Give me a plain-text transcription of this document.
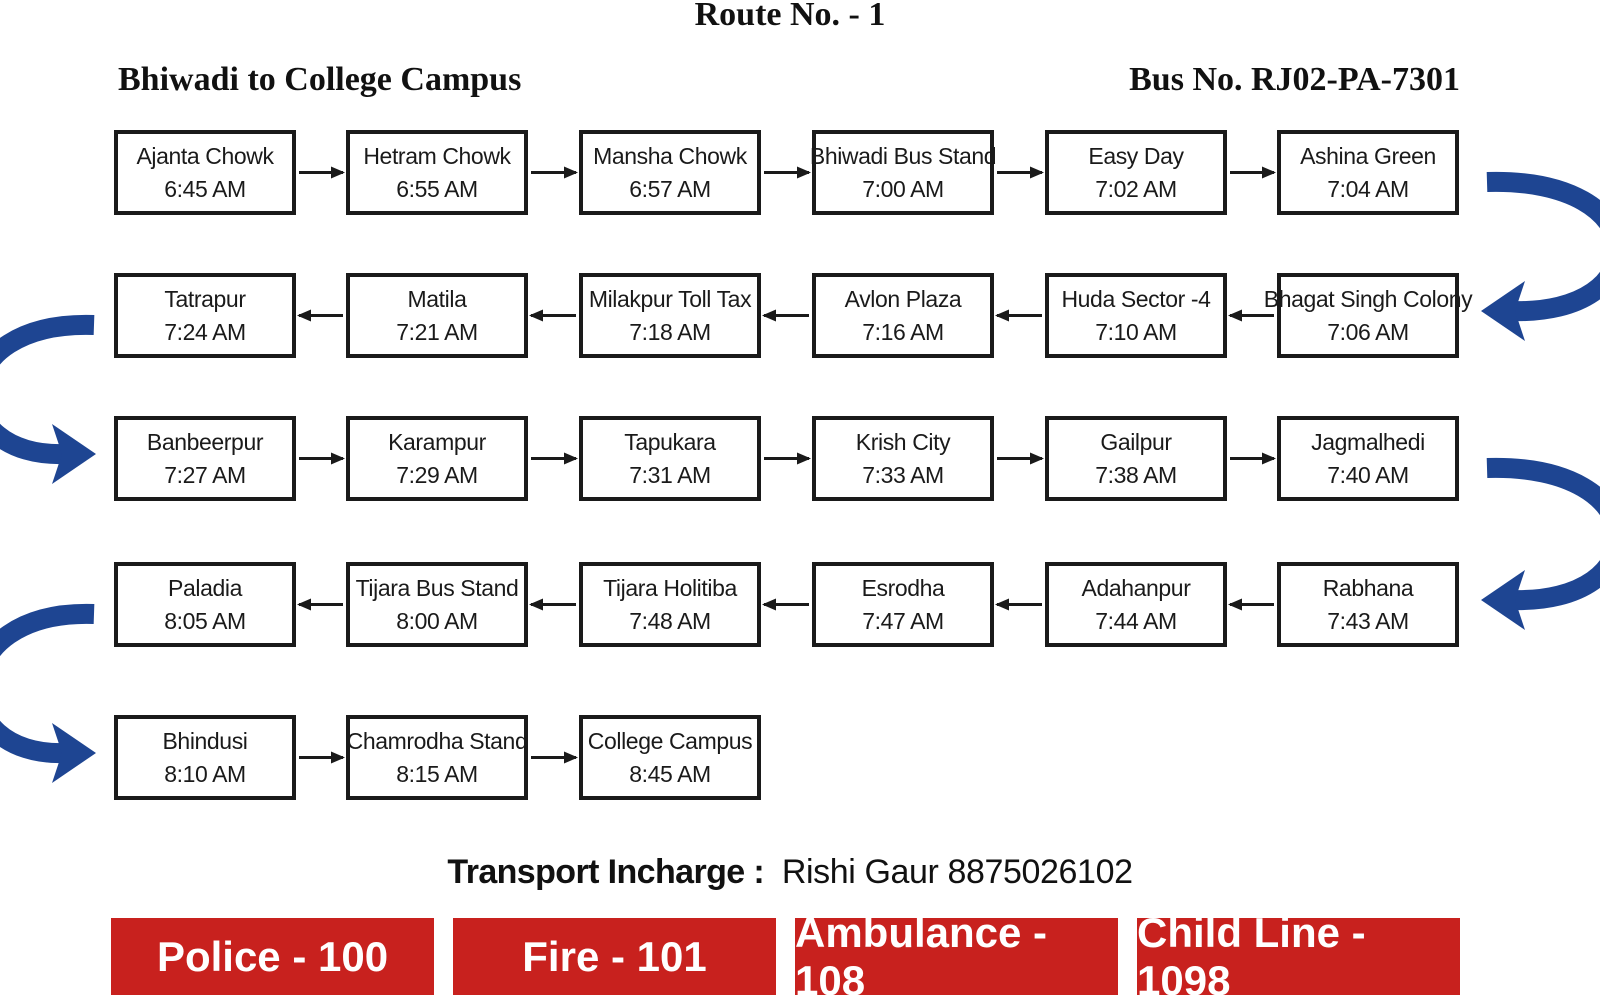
Route No. - 1
Bhiwadi to College Campus	Bus No. RJ02-PA-7301
Ajanta Chowk
6:45 AM
Hetram Chowk
6:55 AM
Mansha Chowk
6:57 AM
Bhiwadi Bus Stand
7:00 AM
Easy Day
7:02 AM
Ashina Green
7:04 AM
Bhagat Singh Colony
7:06 AM
Huda Sector -4
7:10 AM
Avlon Plaza
7:16 AM
Milakpur Toll Tax
7:18 AM
Matila
7:21 AM
Tatrapur
7:24 AM
Banbeerpur
7:27 AM
Karampur
7:29 AM
Tapukara
7:31 AM
Krish City
7:33 AM
Gailpur
7:38 AM
Jagmalhedi
7:40 AM
Rabhana
7:43 AM
Adahanpur
7:44 AM
Esrodha
7:47 AM
Tijara Holitiba
7:48 AM
Tijara Bus Stand
8:00 AM
Paladia
8:05 AM
Bhindusi
8:10 AM
Chamrodha Stand
8:15 AM
College Campus
8:45 AM
Transport Incharge :  Rishi Gaur 8875026102
Police - 100	Fire - 101
Ambulance - 108
Child Line - 1098
